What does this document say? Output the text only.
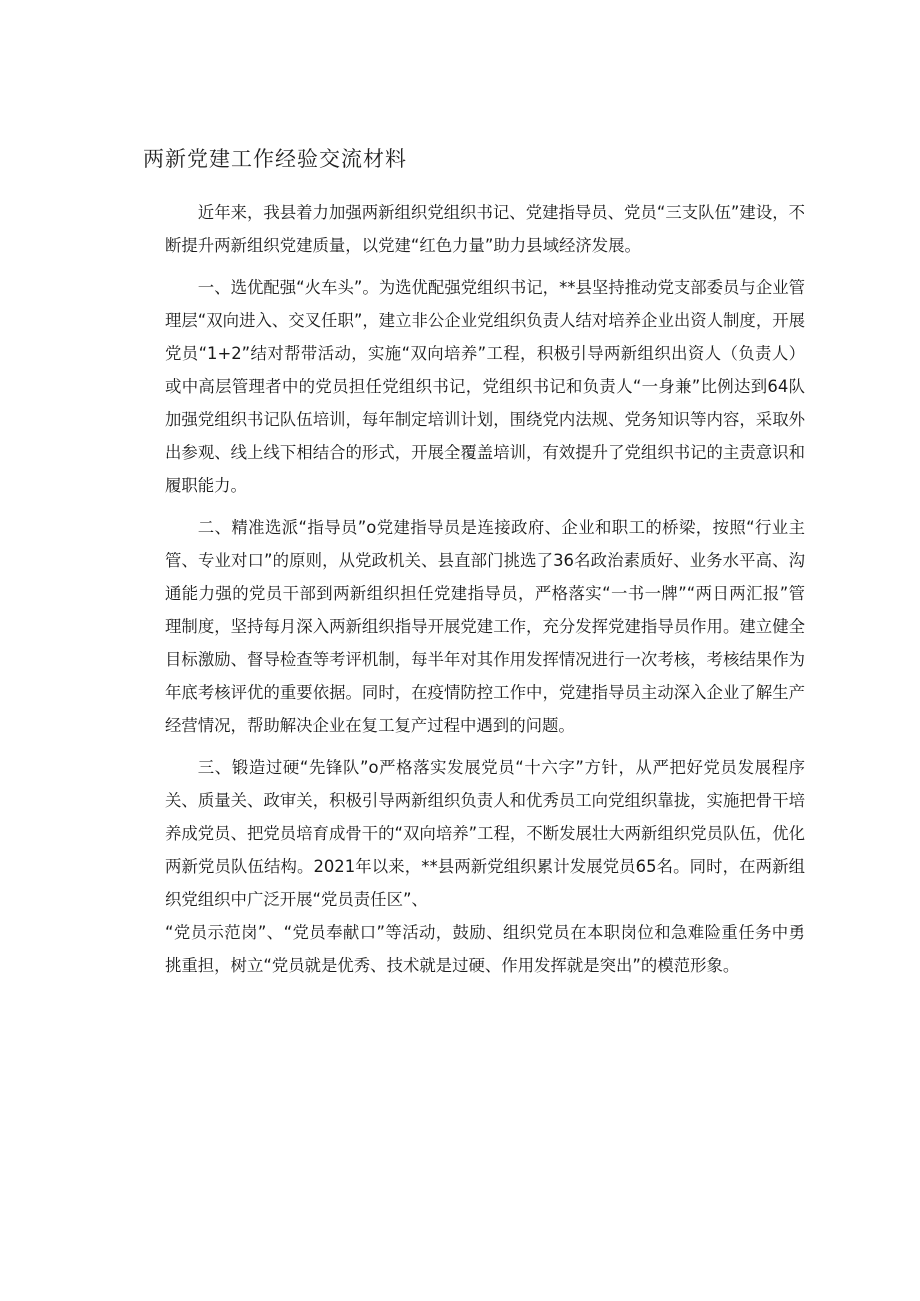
两新党建工作经验交流材料

近年来，我县着力加强两新组织党组织书记、党建指导员、党员“三支队伍”建设，不断提升两新组织党建质量，以党建“红色力量”助力县域经济发展。

一、选优配强“火车头”。为选优配强党组织书记，**县坚持推动党支部委员与企业管理层“双向进入、交叉任职”，建立非公企业党组织负责人结对培养企业出资人制度，开展党员“1+2”结对帮带活动，实施“双向培养”工程，积极引导两新组织出资人（负责人）或中高层管理者中的党员担任党组织书记，党组织书记和负责人“一身兼”比例达到64队加强党组织书记队伍培训，每年制定培训计划，围绕党内法规、党务知识等内容，采取外出参观、线上线下相结合的形式，开展全覆盖培训，有效提升了党组织书记的主责意识和履职能力。

二、精准选派“指导员”o党建指导员是连接政府、企业和职工的桥梁，按照“行业主管、专业对口”的原则，从党政机关、县直部门挑选了36名政治素质好、业务水平高、沟通能力强的党员干部到两新组织担任党建指导员，严格落实“一书一牌”“两日两汇报”管理制度，坚持每月深入两新组织指导开展党建工作，充分发挥党建指导员作用。建立健全目标激励、督导检查等考评机制，每半年对其作用发挥情况进行一次考核，考核结果作为年底考核评优的重要依据。同时，在疫情防控工作中，党建指导员主动深入企业了解生产经营情况，帮助解决企业在复工复产过程中遇到的问题。

三、锻造过硬“先锋队”o严格落实发展党员“十六字”方针，从严把好党员发展程序关、质量关、政审关，积极引导两新组织负责人和优秀员工向党组织靠拢，实施把骨干培养成党员、把党员培育成骨干的“双向培养”工程，不断发展壮大两新组织党员队伍，优化两新党员队伍结构。2021年以来，**县两新党组织累计发展党员65名。同时，在两新组织党组织中广泛开展“党员责任区”、

“党员示范岗”、“党员奉献口”等活动，鼓励、组织党员在本职岗位和急难险重任务中勇挑重担，树立“党员就是优秀、技术就是过硬、作用发挥就是突出”的模范形象。
